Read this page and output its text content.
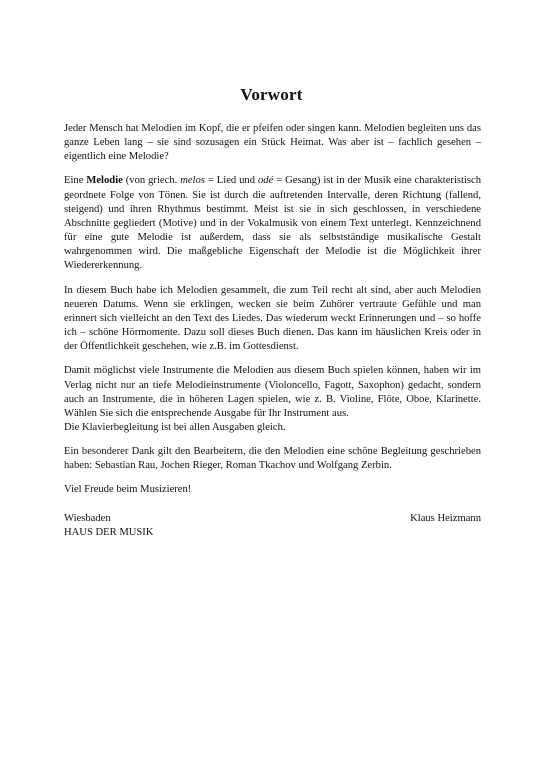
Vorwort

Jeder Mensch hat Melodien im Kopf, die er pfeifen oder singen kann. Melodien begleiten uns das ganze Leben lang – sie sind sozusagen ein Stück Heimat. Was aber ist – fachlich gesehen – eigentlich eine Melodie?

Eine Melodie (von griech. melos = Lied und odé = Gesang) ist in der Musik eine charakteristisch geordnete Folge von Tönen. Sie ist durch die auftretenden Intervalle, deren Richtung (fallend, steigend) und ihren Rhythmus bestimmt. Meist ist sie in sich geschlossen, in verschiedene Abschnitte gegliedert (Motive) und in der Vokalmusik von einem Text unterlegt. Kennzeichnend für eine gute Melodie ist außerdem, dass sie als selbstständige musikalische Gestalt wahrgenommen wird. Die maßgebliche Eigenschaft der Melodie ist die Möglichkeit ihrer Wiedererkennung.

In diesem Buch habe ich Melodien gesammelt, die zum Teil recht alt sind, aber auch Melodien neueren Datums. Wenn sie erklingen, wecken sie beim Zuhörer vertraute Gefühle und man erinnert sich vielleicht an den Text des Liedes. Das wiederum weckt Erinnerungen und – so hoffe ich – schöne Hörmomente. Dazu soll dieses Buch dienen. Das kann im häuslichen Kreis oder in der Öffentlichkeit geschehen, wie z.B. im Gottesdienst.

Damit möglichst viele Instrumente die Melodien aus diesem Buch spielen können, haben wir im Verlag nicht nur an tiefe Melodieinstrumente (Violoncello, Fagott, Saxophon) gedacht, sondern auch an Instrumente, die in höheren Lagen spielen, wie z. B. Violine, Flöte, Oboe, Klarinette. Wählen Sie sich die entsprechende Ausgabe für Ihr Instrument aus.
Die Klavierbegleitung ist bei allen Ausgaben gleich.

Ein besonderer Dank gilt den Bearbeitern, die den Melodien eine schöne Begleitung geschrieben haben: Sebastian Rau, Jochen Rieger, Roman Tkachov und Wolfgang Zerbin.

Viel Freude beim Musizieren!

Wiesbaden
HAUS DER MUSIK
Klaus Heizmann
